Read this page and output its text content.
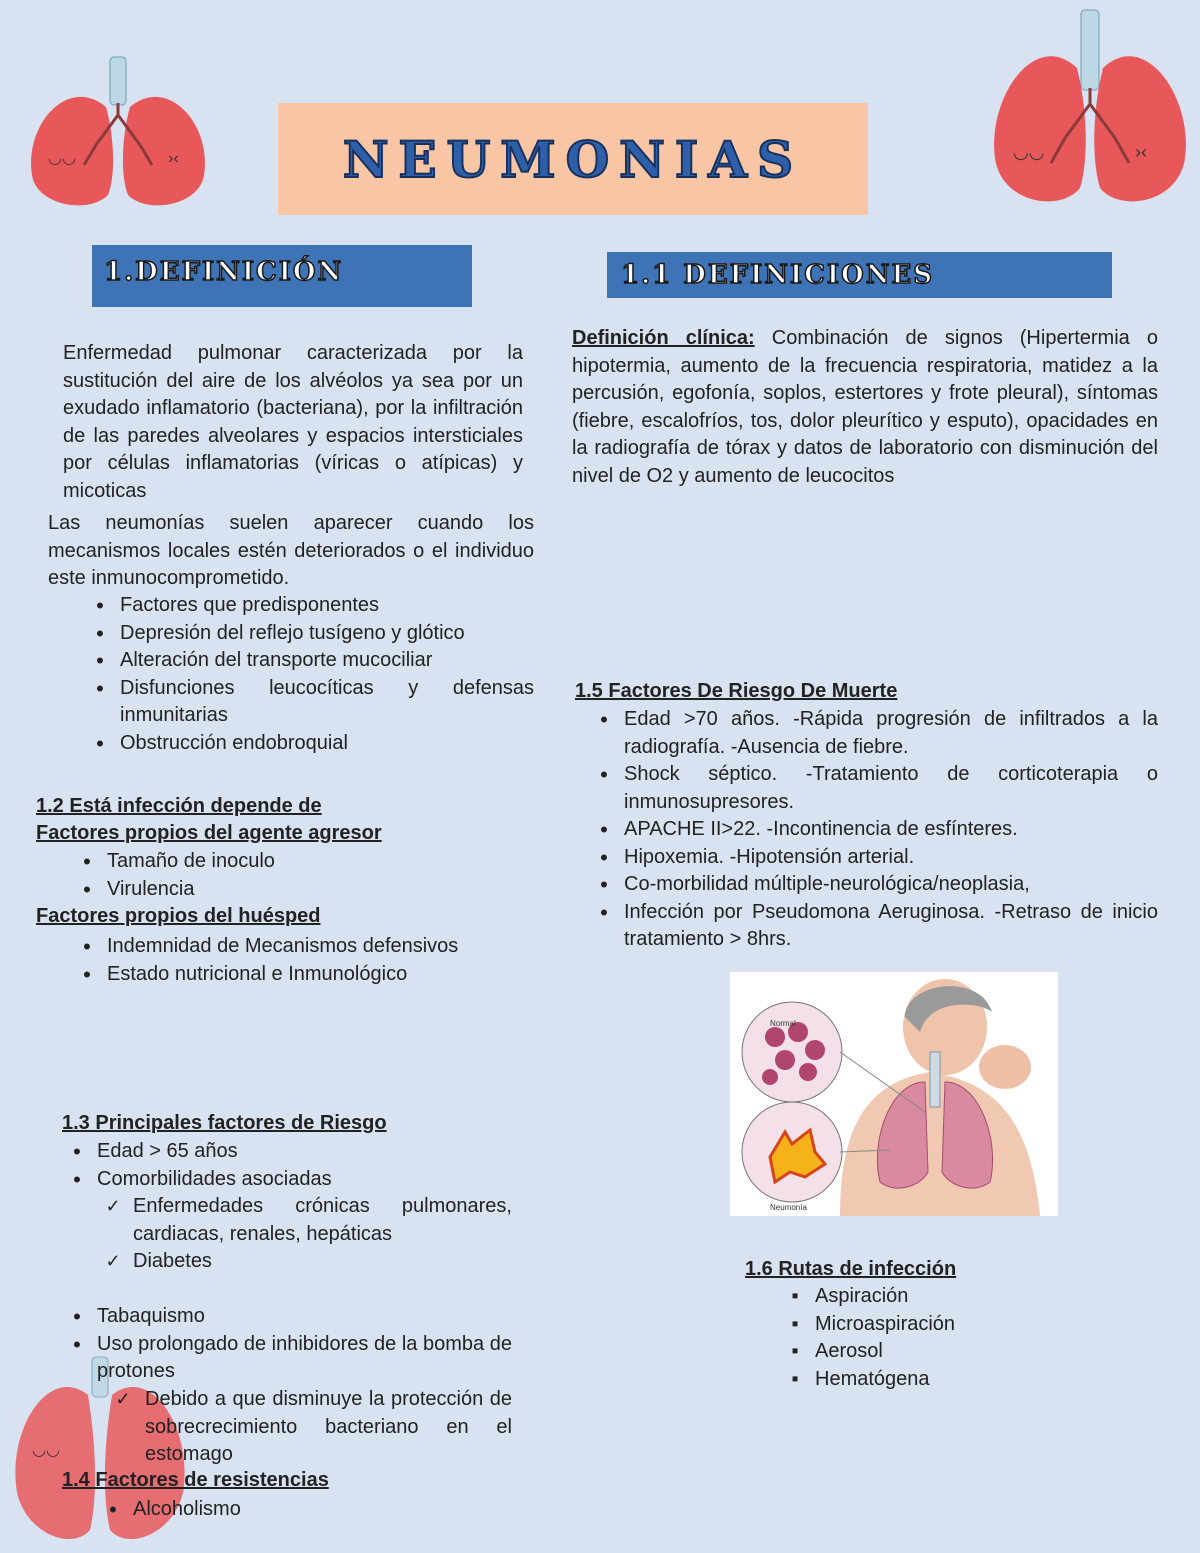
◡◡	›‹	◡◡	›‹
◡◡
NEUMONIAS
1.DEFINICIÓN	1.1 DEFINICIONES
Enfermedad pulmonar caracterizada por la sustitución del aire de los alvéolos ya sea por un exudado inflamatorio (bacteriana), por la infiltración de las paredes alveolares y espacios intersticiales por células inflamatorias (víricas o atípicas) y micoticas
Las neumonías suelen aparecer cuando los mecanismos locales estén deteriorados o el individuo este inmunocomprometido.
•
Factores que predisponentes
•
Depresión del reflejo tusígeno y glótico
•
Alteración del transporte mucociliar
•
Disfunciones leucocíticas y defensas inmunitarias
•
Obstrucción endobroquial
1.2 Está infección depende de
Factores propios del agente agresor
•
Tamaño de inoculo
•
Virulencia
Factores propios del huésped
•
Indemnidad de Mecanismos defensivos
•
Estado nutricional e Inmunológico
1.3 Principales factores de Riesgo
•
Edad > 65 años
•
Comorbilidades asociadas
✓
Enfermedades crónicas pulmonares, cardiacas, renales, hepáticas
✓
Diabetes
•
Tabaquismo
•
Uso prolongado de inhibidores de la bomba de protones
✓
Debido a que disminuye la protección de sobrecrecimiento bacteriano en el estomago
1.4 Factores de resistencias
•
Alcoholismo
Definición clínica: Combinación de signos (Hipertermia o hipotermia, aumento de la frecuencia respiratoria, matidez a la percusión, egofonía, soplos, estertores y frote pleural), síntomas (fiebre, escalofríos, tos, dolor pleurítico y esputo), opacidades en la radiografía de tórax y datos de laboratorio con disminución del nivel de O2 y aumento de leucocitos
1.5 Factores De Riesgo De Muerte
•
Edad >70 años. -Rápida progresión de infiltrados a la radiografía. -Ausencia de fiebre.
•
Shock séptico. -Tratamiento de corticoterapia o inmunosupresores.
•
APACHE II>22. -Incontinencia de esfínteres.
•
Hipoxemia. -Hipotensión arterial.
•
Co-morbilidad múltiple-neurológica/neoplasia,
•
Infección por Pseudomona Aeruginosa. -Retraso de inicio tratamiento > 8hrs.
Normal
Neumonía
1.6 Rutas de infección
▪
Aspiración
▪
Microaspiración
▪
Aerosol
▪
Hematógena
